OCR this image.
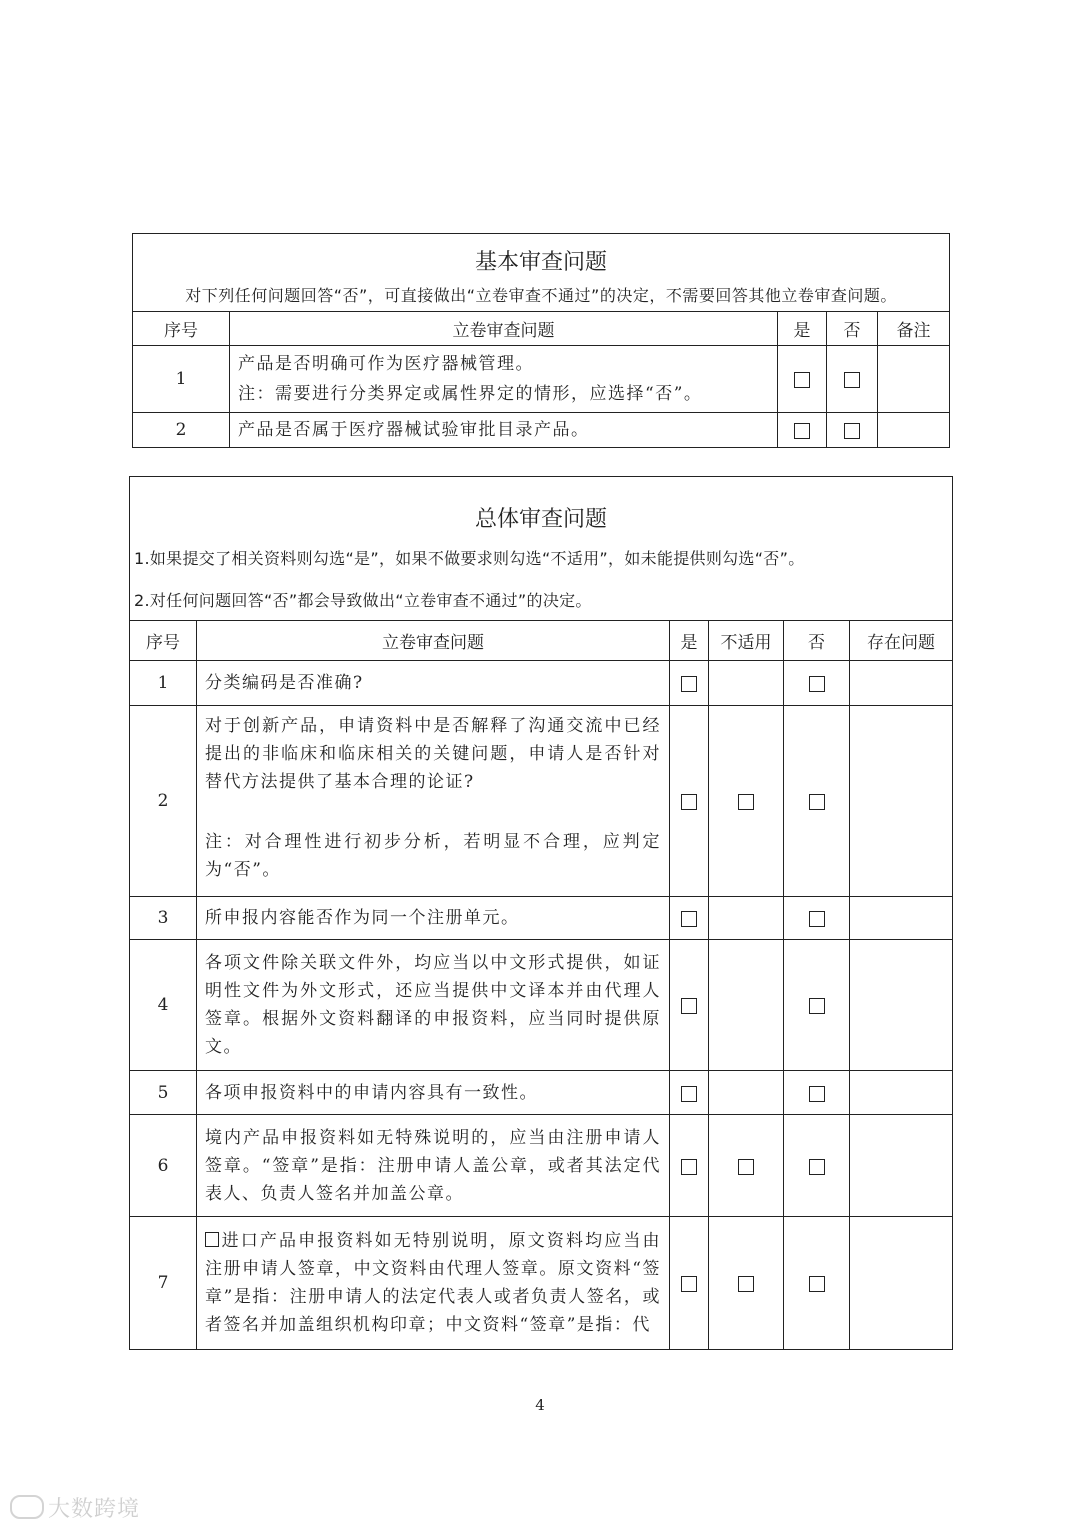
基本审查问题				
对下列任何问题回答“否”，可直接做出“立卷审查不通过”的决定，不需要回答其他立卷审查问题。				
序号	立卷审查问题	是	否	备注
1	产品是否明确可作为医疗器械管理。
注：需要进行分类界定或属性界定的情形，应选择“否”。			

2	产品是否属于医疗器械试验审批目录产品。			
总体审查问题					
1.如果提交了相关资料则勾选“是”，如果不做要求则勾选“不适用”，如未能提供则勾选“否”。					
2.对任何问题回答“否”都会导致做出“立卷审查不通过”的决定。					
序号	立卷审查问题	是	不适用	否	存在问题
1	分类编码是否准确?				
2	对于创新产品，申请资料中是否解释了沟通交流中已经提出的非临床和临床相关的关键问题，申请人是否针对替代方法提供了基本合理的论证?
注：对合理性进行初步分析，若明显不合理，应判定为“否”。				

3	所申报内容能否作为同一个注册单元。				
4	各项文件除关联文件外，均应当以中文形式提供，如证明性文件为外文形式，还应当提供中文译本并由代理人签章。根据外文资料翻译的申报资料，应当同时提供原文。				
5	各项申报资料中的申请内容具有一致性。				
6	境内产品申报资料如无特殊说明的，应当由注册申请人签章。“签章”是指：注册申请人盖公章，或者其法定代表人、负责人签名并加盖公章。				
7	进口产品申报资料如无特别说明，原文资料均应当由注册申请人签章，中文资料由代理人签章。原文资料“签章”是指：注册申请人的法定代表人或者负责人签名，或者签名并加盖组织机构印章；中文资料“签章”是指：代				
4
大数跨境
